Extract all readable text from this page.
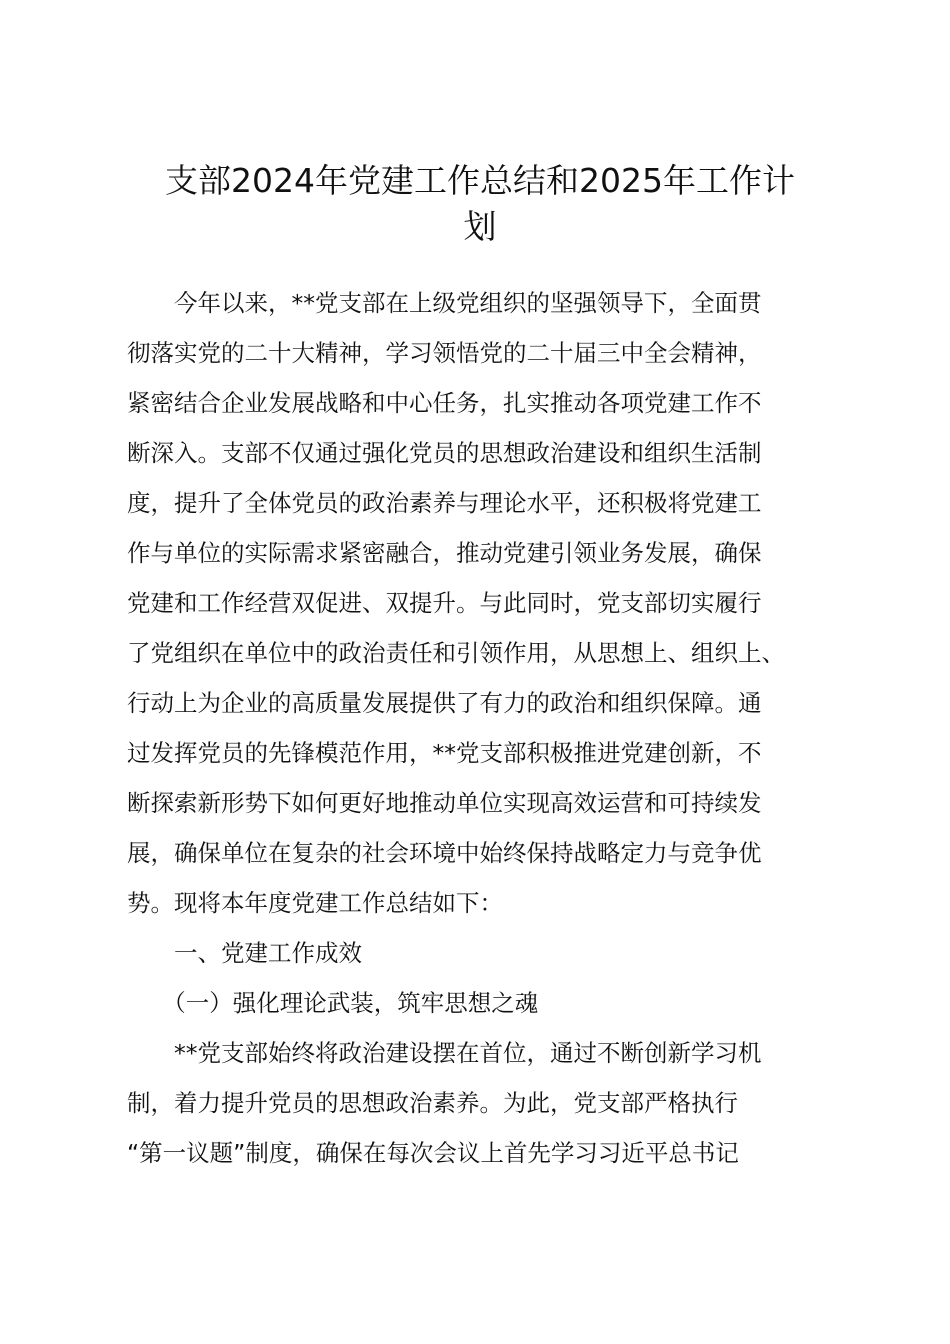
支部2024年党建工作总结和2025年工作计
划

　　今年以来，**党支部在上级党组织的坚强领导下，全面贯

彻落实党的二十大精神，学习领悟党的二十届三中全会精神，

紧密结合企业发展战略和中心任务，扎实推动各项党建工作不

断深入。支部不仅通过强化党员的思想政治建设和组织生活制

度，提升了全体党员的政治素养与理论水平，还积极将党建工

作与单位的实际需求紧密融合，推动党建引领业务发展，确保

党建和工作经营双促进、双提升。与此同时，党支部切实履行

了党组织在单位中的政治责任和引领作用，从思想上、组织上、

行动上为企业的高质量发展提供了有力的政治和组织保障。通

过发挥党员的先锋模范作用，**党支部积极推进党建创新，不

断探索新形势下如何更好地推动单位实现高效运营和可持续发

展，确保单位在复杂的社会环境中始终保持战略定力与竞争优

势。现将本年度党建工作总结如下：

　　一、党建工作成效

　　（一）强化理论武装，筑牢思想之魂

　　**党支部始终将政治建设摆在首位，通过不断创新学习机

制，着力提升党员的思想政治素养。为此，党支部严格执行

“第一议题”制度，确保在每次会议上首先学习习近平总书记
